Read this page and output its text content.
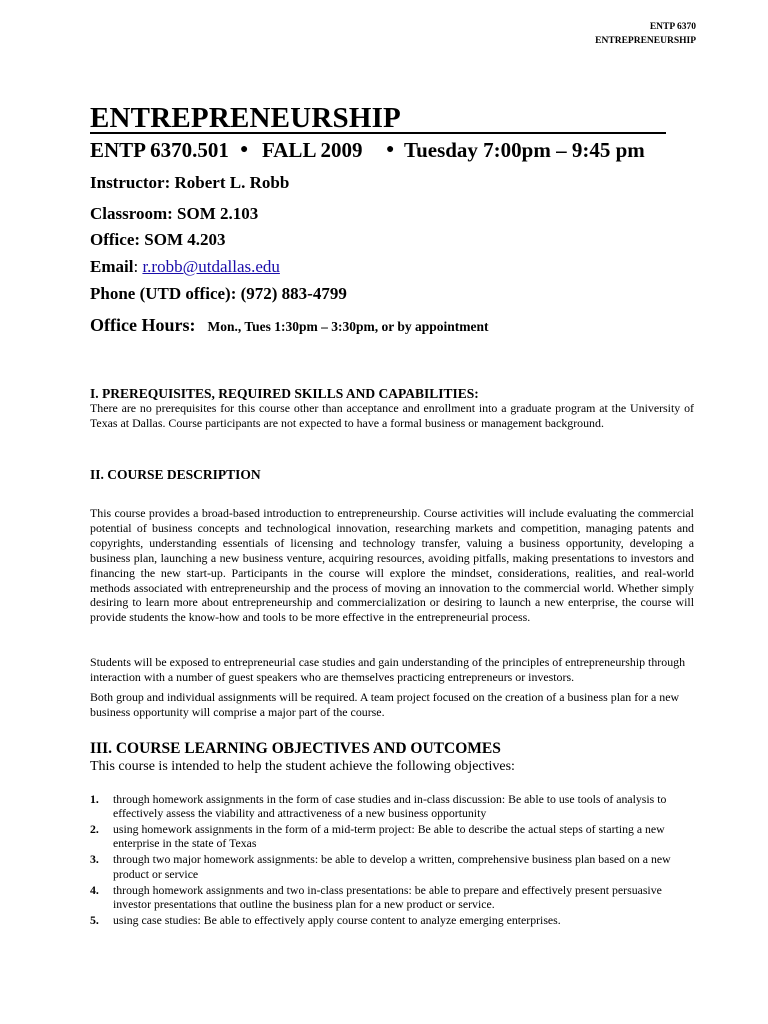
ENTP 6370
ENTREPRENEURSHIP
ENTREPRENEURSHIP
ENTP 6370.501 ● FALL 2009 ● Tuesday 7:00pm – 9:45 pm
Instructor: Robert L. Robb
Classroom: SOM 2.103
Office: SOM 4.203
Email: r.robb@utdallas.edu
Phone (UTD office): (972) 883-4799
Office Hours: Mon., Tues 1:30pm – 3:30pm, or by appointment
I. PREREQUISITES, REQUIRED SKILLS AND CAPABILITIES:

There are no prerequisites for this course other than acceptance and enrollment into a graduate program at the University of Texas at Dallas. Course participants are not expected to have a formal business or management background.

II. COURSE DESCRIPTION

This course provides a broad-based introduction to entrepreneurship. Course activities will include evaluating the commercial potential of business concepts and technological innovation, researching markets and competition, managing patents and copyrights, understanding essentials of licensing and technology transfer, valuing a business opportunity, developing a business plan, launching a new business venture, acquiring resources, avoiding pitfalls, making presentations to investors and financing the new start-up. Participants in the course will explore the mindset, considerations, realities, and real-world methods associated with entrepreneurship and the process of moving an innovation to the commercial world. Whether simply desiring to learn more about entrepreneurship and commercialization or desiring to launch a new enterprise, the course will provide students the know-how and tools to be more effective in the entrepreneurial process.

Students will be exposed to entrepreneurial case studies and gain understanding of the principles of entrepreneurship through interaction with a number of guest speakers who are themselves practicing entrepreneurs or investors.

Both group and individual assignments will be required. A team project focused on the creation of a business plan for a new business opportunity will comprise a major part of the course.

III. COURSE LEARNING OBJECTIVES AND OUTCOMES

This course is intended to help the student achieve the following objectives:

1. through homework assignments in the form of case studies and in-class discussion: Be able to use tools of analysis to effectively assess the viability and attractiveness of a new business opportunity
2. using homework assignments in the form of a mid-term project: Be able to describe the actual steps of starting a new enterprise in the state of Texas
3. through two major homework assignments: be able to develop a written, comprehensive business plan based on a new product or service
4. through homework assignments and two in-class presentations: be able to prepare and effectively present persuasive investor presentations that outline the business plan for a new product or service.
5. using case studies: Be able to effectively apply course content to analyze emerging enterprises.
